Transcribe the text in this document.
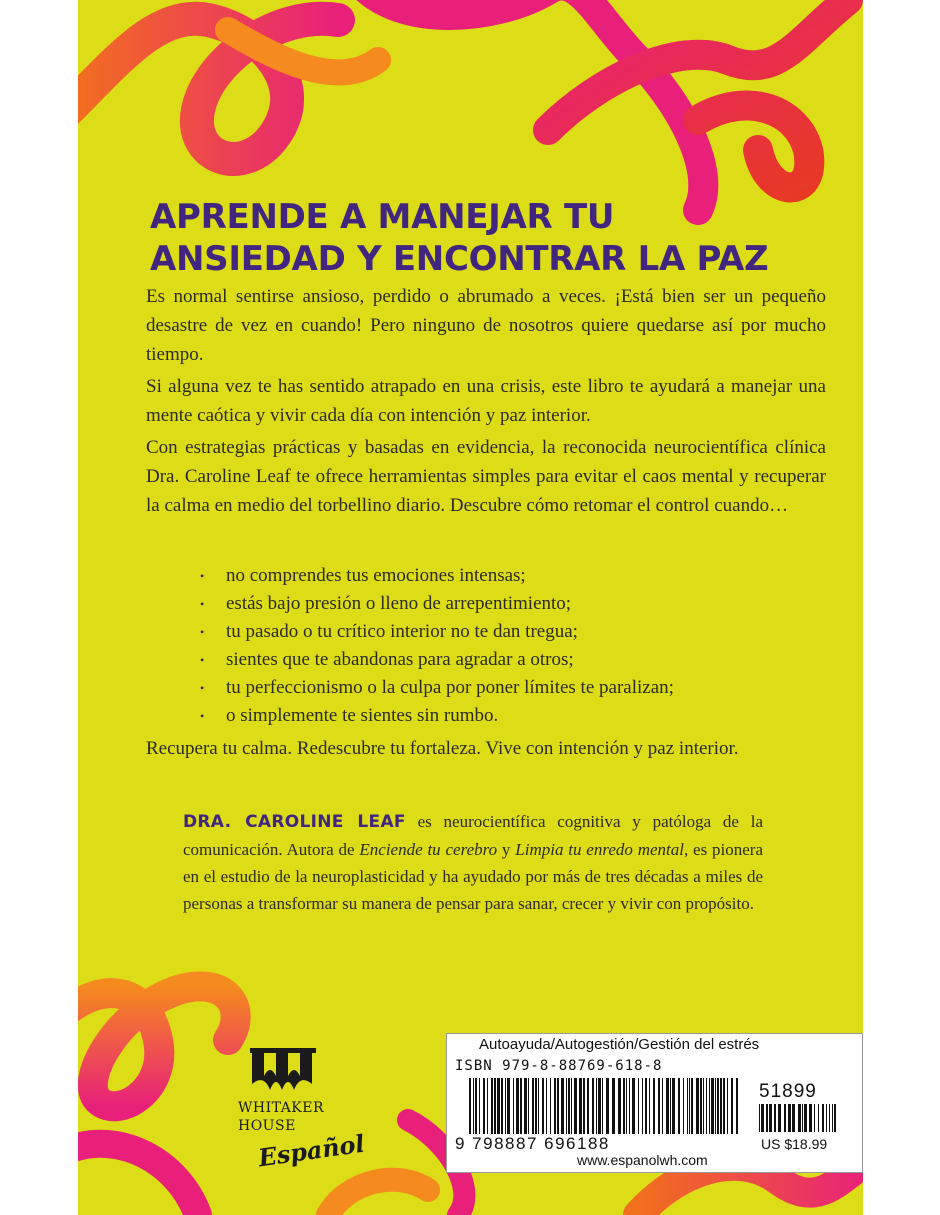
APRENDE A MANEJAR TU
ANSIEDAD Y ENCONTRAR LA PAZ

Es normal sentirse ansioso, perdido o abrumado a veces. ¡Está bien ser un pequeño desastre de vez en cuando! Pero ninguno de nosotros quiere quedarse así por mucho tiempo.

Si alguna vez te has sentido atrapado en una crisis, este libro te ayudará a manejar una mente caótica y vivir cada día con intención y paz interior.

Con estrategias prácticas y basadas en evidencia, la reconocida neurocientífica clínica Dra. Caroline Leaf te ofrece herramientas simples para evitar el caos mental y recuperar la calma en medio del torbellino diario. Descubre cómo retomar el control cuando…

• no comprendes tus emociones intensas;
• estás bajo presión o lleno de arrepentimiento;
• tu pasado o tu crítico interior no te dan tregua;
• sientes que te abandonas para agradar a otros;
• tu perfeccionismo o la culpa por poner límites te paralizan;
• o simplemente te sientes sin rumbo.
Recupera tu calma. Redescubre tu fortaleza. Vive con intención y paz interior.
DRA. CAROLINE LEAF es neurocientífica cognitiva y patóloga de la comunicación. Autora de Enciende tu cerebro y Limpia tu enredo mental, es pionera en el estudio de la neuroplasticidad y ha ayudado por más de tres décadas a miles de personas a transformar su manera de pensar para sanar, crecer y vivir con propósito.
WHITAKER
HOUSE
Español
Autoayuda/Autogestión/Gestión del estrés
ISBN 979-8-88769-618-8
9 798887 696188
51899
US $18.99
www.espanolwh.com
